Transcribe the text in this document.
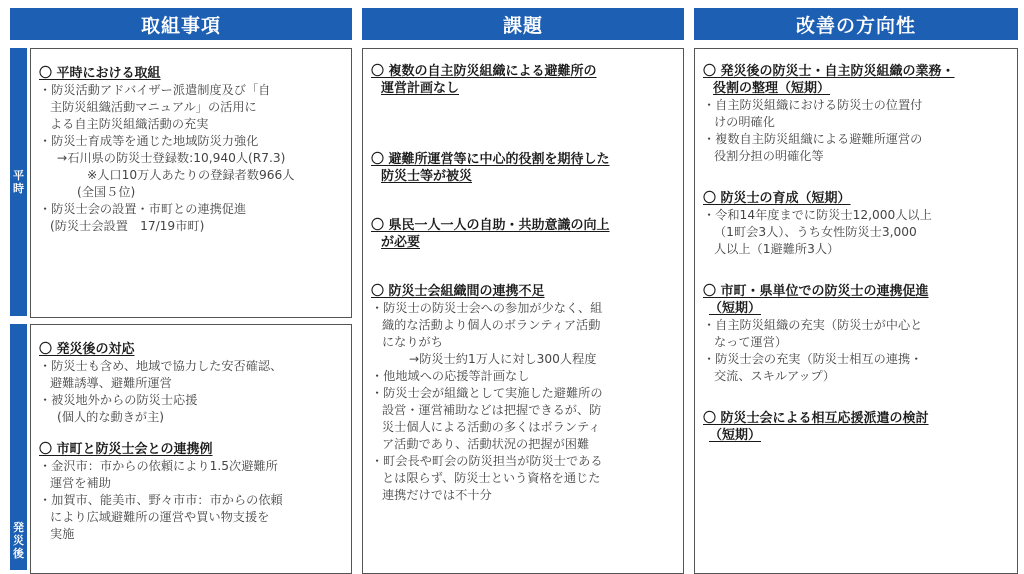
取組事項	課題	改善の方向性
平
時
発
災
後
〇 平時における取組
・防災活動アドバイザー派遣制度及び「自
主防災組織活動マニュアル」の活用に
よる自主防災組織活動の充実
・防災士育成等を通じた地域防災力強化
→石川県の防災士登録数:10,940人(R7.3)
※人口10万人あたりの登録者数966人
(全国５位)
・防災士会の設置・市町との連携促進
(防災士会設置　17/19市町)
〇 発災後の対応
・防災士も含め、地域で協力した安否確認、
避難誘導、避難所運営
・被災地外からの防災士応援
(個人的な動きが主)
〇 市町と防災士会との連携例
・金沢市：市からの依頼により1.5次避難所
運営を補助
・加賀市、能美市、野々市市：市からの依頼
により広域避難所の運営や買い物支援を
実施
〇 複数の自主防災組織による避難所の
運営計画なし
〇 避難所運営等に中心的役割を期待した
防災士等が被災
〇 県民一人一人の自助・共助意識の向上
が必要
〇 防災士会組織間の連携不足
・防災士の防災士会への参加が少なく、組
織的な活動より個人のボランティア活動
になりがち
→防災士約1万人に対し300人程度
・他地域への応援等計画なし
・防災士会が組織として実施した避難所の
設営・運営補助などは把握できるが、防
災士個人による活動の多くはボランティ
ア活動であり、活動状況の把握が困難
・町会長や町会の防災担当が防災士である
とは限らず、防災士という資格を通じた
連携だけでは不十分
〇 発災後の防災士・自主防災組織の業務・
役割の整理（短期）
・自主防災組織における防災士の位置付
けの明確化
・複数自主防災組織による避難所運営の
役割分担の明確化等
〇 防災士の育成（短期）
・令和14年度までに防災士12,000人以上
（1町会3人）、うち女性防災士3,000
人以上（1避難所3人）
〇 市町・県単位での防災士の連携促進
（短期）
・自主防災組織の充実（防災士が中心と
なって運営）
・防災士会の充実（防災士相互の連携・
交流、スキルアップ）
〇 防災士会による相互応援派遣の検討
（短期）
